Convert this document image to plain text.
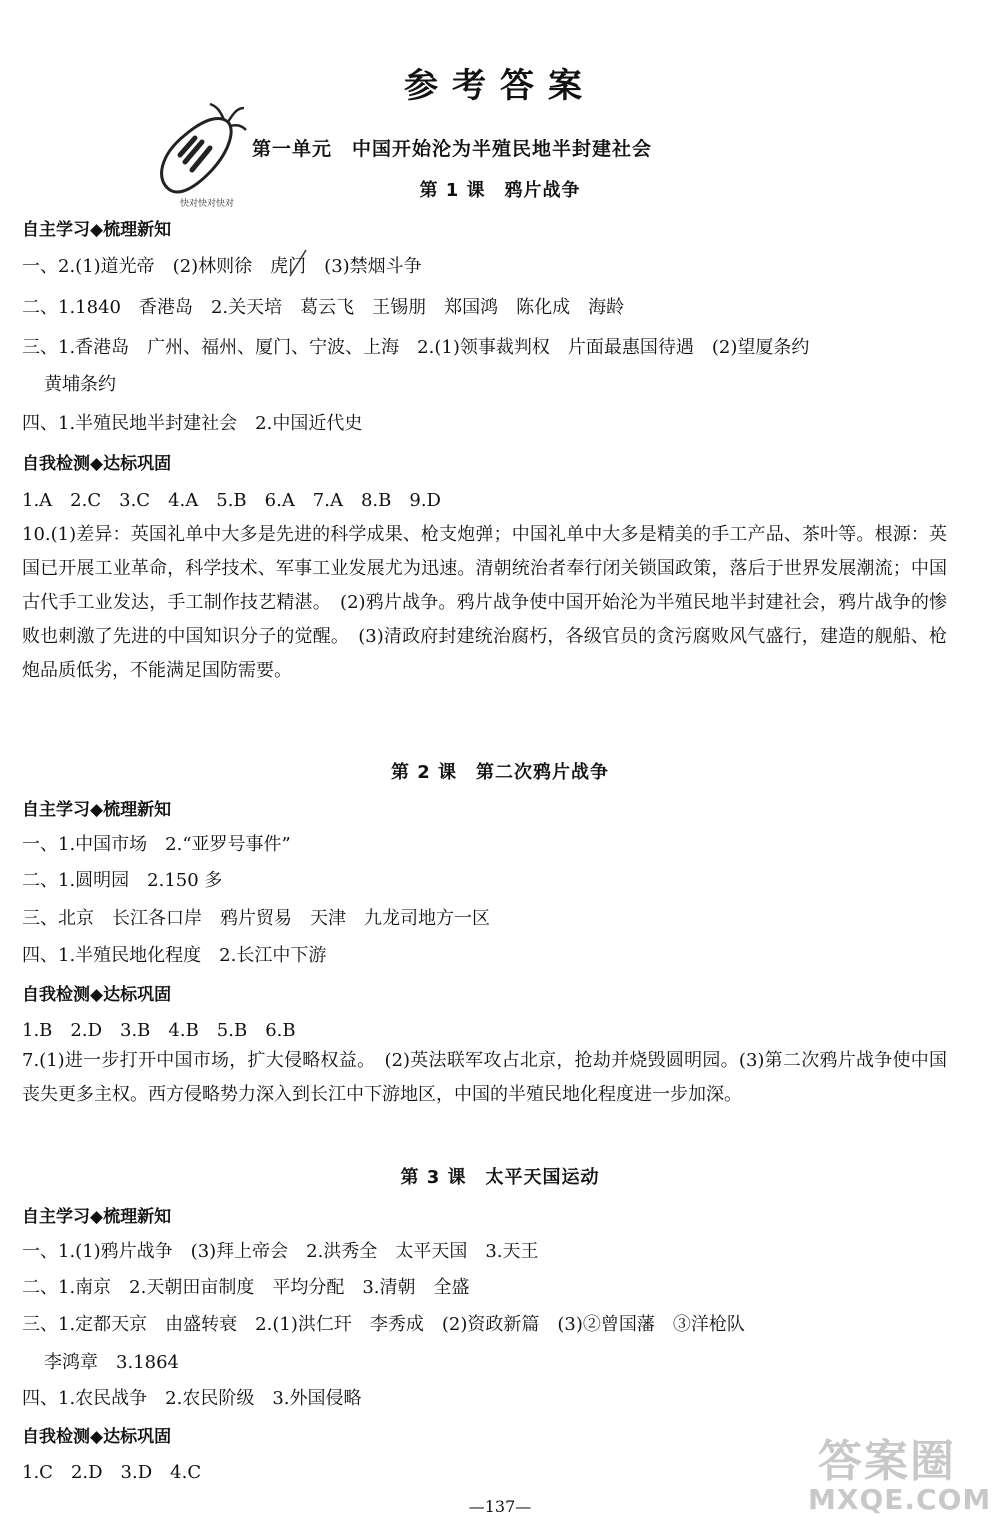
参考答案
快对快对快对
第一单元　中国开始沦为半殖民地半封建社会
第 1 课　鸦片战争
自主学习◆梳理新知
一、2.(1)道光帝　(2)林则徐　虎门　(3)禁烟斗争
二、1.1840　香港岛　2.关天培　葛云飞　王锡朋　郑国鸿　陈化成　海龄
三、1.香港岛　广州、福州、厦门、宁波、上海　2.(1)领事裁判权　片面最惠国待遇　(2)望厦条约
黄埔条约
四、1.半殖民地半封建社会　2.中国近代史
自我检测◆达标巩固
1.A　2.C　3.C　4.A　5.B　6.A　7.A　8.B　9.D
10.(1)差异：英国礼单中大多是先进的科学成果、枪支炮弹；中国礼单中大多是精美的手工产品、茶叶等。根源：英国已开展工业革命，科学技术、军事工业发展尤为迅速。清朝统治者奉行闭关锁国政策，落后于世界发展潮流；中国古代手工业发达，手工制作技艺精湛。　(2)鸦片战争。鸦片战争使中国开始沦为半殖民地半封建社会，鸦片战争的惨败也刺激了先进的中国知识分子的觉醒。　(3)清政府封建统治腐朽，各级官员的贪污腐败风气盛行，建造的舰船、枪炮品质低劣，不能满足国防需要。
第 2 课　第二次鸦片战争
自主学习◆梳理新知
一、1.中国市场　2.“亚罗号事件”
二、1.圆明园　2.150 多
三、北京　长江各口岸　鸦片贸易　天津　九龙司地方一区
四、1.半殖民地化程度　2.长江中下游
自我检测◆达标巩固
1.B　2.D　3.B　4.B　5.B　6.B
7.(1)进一步打开中国市场，扩大侵略权益。　(2)英法联军攻占北京，抢劫并烧毁圆明园。(3)第二次鸦片战争使中国丧失更多主权。西方侵略势力深入到长江中下游地区，中国的半殖民地化程度进一步加深。
第 3 课　太平天国运动
自主学习◆梳理新知
一、1.(1)鸦片战争　(3)拜上帝会　2.洪秀全　太平天国　3.天王
二、1.南京　2.天朝田亩制度　平均分配　3.清朝　全盛
三、1.定都天京　由盛转衰　2.(1)洪仁玕　李秀成　(2)资政新篇　(3)②曾国藩　③洋枪队
李鸿章　3.1864
四、1.农民战争　2.农民阶级　3.外国侵略
自我检测◆达标巩固
1.C　2.D　3.D　4.C
—137—
答案圈
MXQE.COM
